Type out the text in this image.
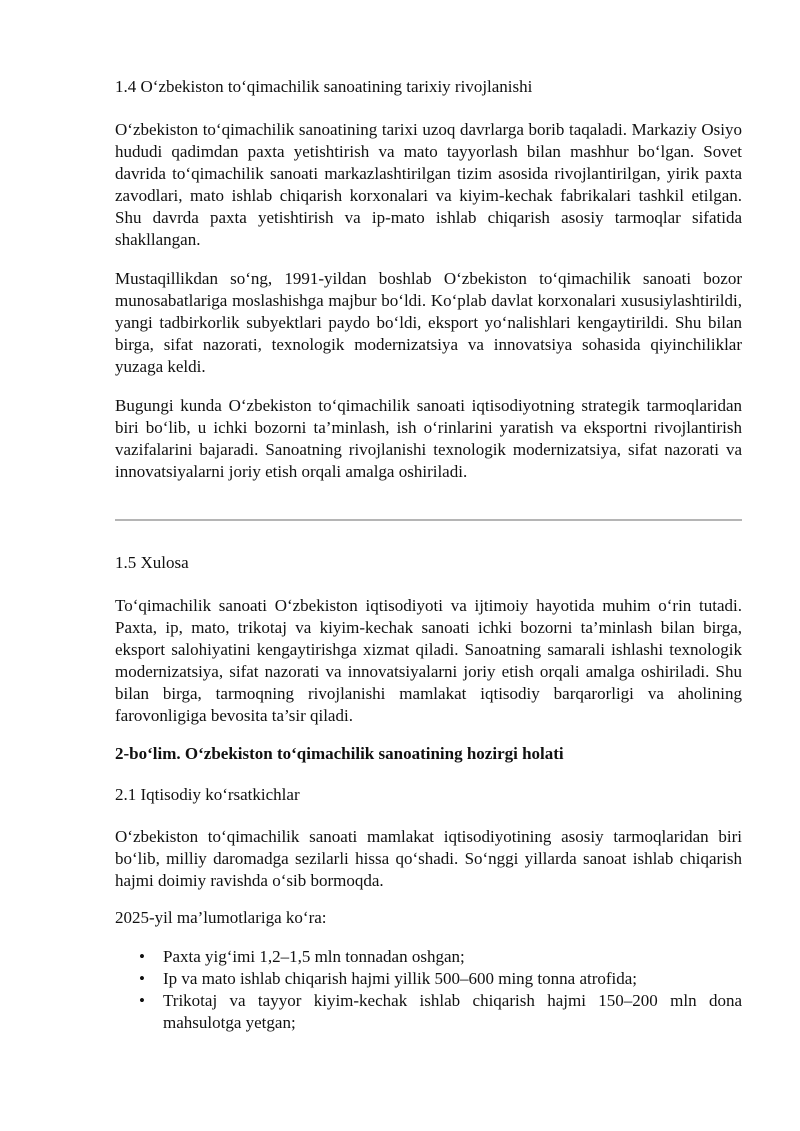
1.4 O‘zbekiston to‘qimachilik sanoatining tarixiy rivojlanishi

O‘zbekiston to‘qimachilik sanoatining tarixi uzoq davrlarga borib taqaladi. Markaziy Osiyo hududi qadimdan paxta yetishtirish va mato tayyorlash bilan mashhur bo‘lgan. Sovet davrida to‘qimachilik sanoati markazlashtirilgan tizim asosida rivojlantirilgan, yirik paxta zavodlari, mato ishlab chiqarish korxonalari va kiyim-kechak fabrikalari tashkil etilgan. Shu davrda paxta yetishtirish va ip-mato ishlab chiqarish asosiy tarmoqlar sifatida shakllangan.

Mustaqillikdan so‘ng, 1991-yildan boshlab O‘zbekiston to‘qimachilik sanoati bozor munosabatlariga moslashishga majbur bo‘ldi. Ko‘plab davlat korxonalari xususiylashtirildi, yangi tadbirkorlik subyektlari paydo bo‘ldi, eksport yo‘nalishlari kengaytirildi. Shu bilan birga, sifat nazorati, texnologik modernizatsiya va innovatsiya sohasida qiyinchiliklar yuzaga keldi.

Bugungi kunda O‘zbekiston to‘qimachilik sanoati iqtisodiyotning strategik tarmoqlaridan biri bo‘lib, u ichki bozorni ta’minlash, ish o‘rinlarini yaratish va eksportni rivojlantirish vazifalarini bajaradi. Sanoatning rivojlanishi texnologik modernizatsiya, sifat nazorati va innovatsiyalarni joriy etish orqali amalga oshiriladi.

1.5 Xulosa

To‘qimachilik sanoati O‘zbekiston iqtisodiyoti va ijtimoiy hayotida muhim o‘rin tutadi. Paxta, ip, mato, trikotaj va kiyim-kechak sanoati ichki bozorni ta’minlash bilan birga, eksport salohiyatini kengaytirishga xizmat qiladi. Sanoatning samarali ishlashi texnologik modernizatsiya, sifat nazorati va innovatsiyalarni joriy etish orqali amalga oshiriladi. Shu bilan birga, tarmoqning rivojlanishi mamlakat iqtisodiy barqarorligi va aholining farovonligiga bevosita ta’sir qiladi.

2-bo‘lim. O‘zbekiston to‘qimachilik sanoatining hozirgi holati

2.1 Iqtisodiy ko‘rsatkichlar

O‘zbekiston to‘qimachilik sanoati mamlakat iqtisodiyotining asosiy tarmoqlaridan biri bo‘lib, milliy daromadga sezilarli hissa qo‘shadi. So‘nggi yillarda sanoat ishlab chiqarish hajmi doimiy ravishda o‘sib bormoqda.

2025-yil ma’lumotlariga ko‘ra:

• Paxta yig‘imi 1,2–1,5 mln tonnadan oshgan;
• Ip va mato ishlab chiqarish hajmi yillik 500–600 ming tonna atrofida;
• Trikotaj va tayyor kiyim-kechak ishlab chiqarish hajmi 150–200 mln dona mahsulotga yetgan;
